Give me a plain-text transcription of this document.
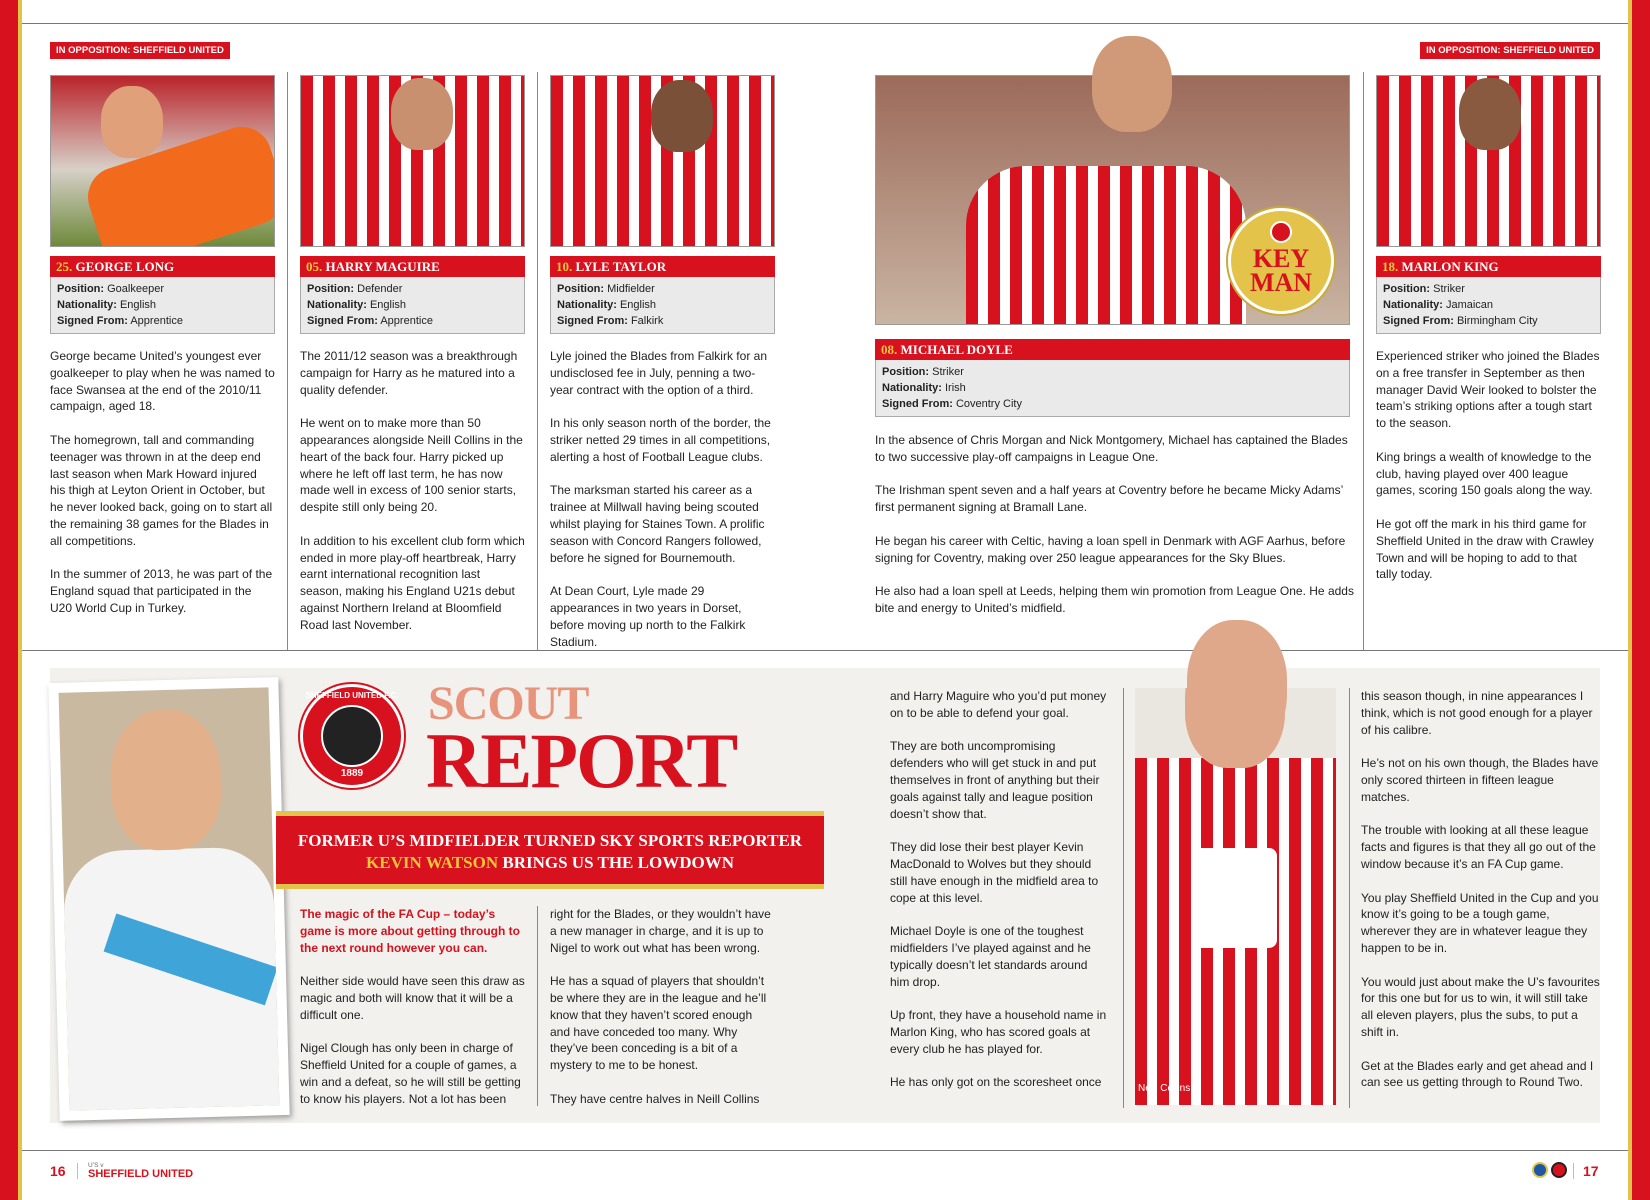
IN OPPOSITION: SHEFFIELD UNITED	IN OPPOSITION: SHEFFIELD UNITED
25. GEORGE LONG
Position: Goalkeeper
Nationality: English
Signed From: Apprentice

George became United’s youngest ever goalkeeper to play when he was named to face Swansea at the end of the 2010/11 campaign, aged 18.

The homegrown, tall and commanding teenager was thrown in at the deep end last season when Mark Howard injured his thigh at Leyton Orient in October, but he never looked back, going on to start all the remaining 38 games for the Blades in all competitions.

In the summer of 2013, he was part of the England squad that participated in the U20 World Cup in Turkey.

05. HARRY MAGUIRE
Position: Defender
Nationality: English
Signed From: Apprentice

The 2011/12 season was a breakthrough campaign for Harry as he matured into a quality defender.

He went on to make more than 50 appearances alongside Neill Collins in the heart of the back four. Harry picked up where he left off last term, he has now made well in excess of 100 senior starts, despite still only being 20.

In addition to his excellent club form which ended in more play-off heartbreak, Harry earnt international recognition last season, making his England U21s debut against Northern Ireland at Bloomfield Road last November.

10. LYLE TAYLOR
Position: Midfielder
Nationality: English
Signed From: Falkirk

Lyle joined the Blades from Falkirk for an undisclosed fee in July, penning a two-year contract with the option of a third.

In his only season north of the border, the striker netted 29 times in all competitions, alerting a host of Football League clubs.

The marksman started his career as a trainee at Millwall having being scouted whilst playing for Staines Town. A prolific season with Concord Rangers followed, before he signed for Bournemouth.

At Dean Court, Lyle made 29 appearances in two years in Dorset, before moving up north to the Falkirk Stadium.

KEY
MAN
08. MICHAEL DOYLE
Position: Striker
Nationality: Irish
Signed From: Coventry City

In the absence of Chris Morgan and Nick Montgomery, Michael has captained the Blades to two successive play-off campaigns in League One.

The Irishman spent seven and a half years at Coventry before he became Micky Adams’ first permanent signing at Bramall Lane.

He began his career with Celtic, having a loan spell in Denmark with AGF Aarhus, before signing for Coventry, making over 250 league appearances for the Sky Blues.

He also had a loan spell at Leeds, helping them win promotion from League One. He adds bite and energy to United’s midfield.

18. MARLON KING
Position: Striker
Nationality: Jamaican
Signed From: Birmingham City

Experienced striker who joined the Blades on a free transfer in September as then manager David Weir looked to bolster the team’s striking options after a tough start to the season.

King brings a wealth of knowledge to the club, having played over 400 league games, scoring 150 goals along the way.

He got off the mark in his third game for Sheffield United in the draw with Crawley Town and will be hoping to add to that tally today.

SHEFFIELD UNITED F.C.
1889
SCOUT
REPORT
FORMER U’S MIDFIELDER TURNED SKY SPORTS REPORTER KEVIN WATSON BRINGS US THE LOWDOWN

The magic of the FA Cup – today’s game is more about getting through to the next round however you can.

Neither side would have seen this draw as magic and both will know that it will be a difficult one.

Nigel Clough has only been in charge of Sheffield United for a couple of games, a win and a defeat, so he will still be getting to know his players. Not a lot has been

right for the Blades, or they wouldn’t have a new manager in charge, and it is up to Nigel to work out what has been wrong.

He has a squad of players that shouldn’t be where they are in the league and he’ll know that they haven’t scored enough and have conceded too many. Why they’ve been conceding is a bit of a mystery to me to be honest.

They have centre halves in Neill Collins

and Harry Maguire who you’d put money on to be able to defend your goal.

They are both uncompromising defenders who will get stuck in and put themselves in front of anything but their goals against tally and league position doesn’t show that.

They did lose their best player Kevin MacDonald to Wolves but they should still have enough in the midfield area to cope at this level.

Michael Doyle is one of the toughest midfielders I’ve played against and he typically doesn’t let standards around him drop.

Up front, they have a household name in Marlon King, who has scored goals at every club he has played for.

He has only got on the scoresheet once	Neill Collins

this season though, in nine appearances I think, which is not good enough for a player of his calibre.

He’s not on his own though, the Blades have only scored thirteen in fifteen league matches.

The trouble with looking at all these league facts and figures is that they all go out of the window because it’s an FA Cup game.

You play Sheffield United in the Cup and you know it’s going to be a tough game, wherever they are in whatever league they happen to be in.

You would just about make the U’s favourites for this one but for us to win, it will still take all eleven players, plus the subs, to put a shift in.

Get at the Blades early and get ahead and I can see us getting through to Round Two.

16	U’S v
SHEFFIELD UNITED	17
